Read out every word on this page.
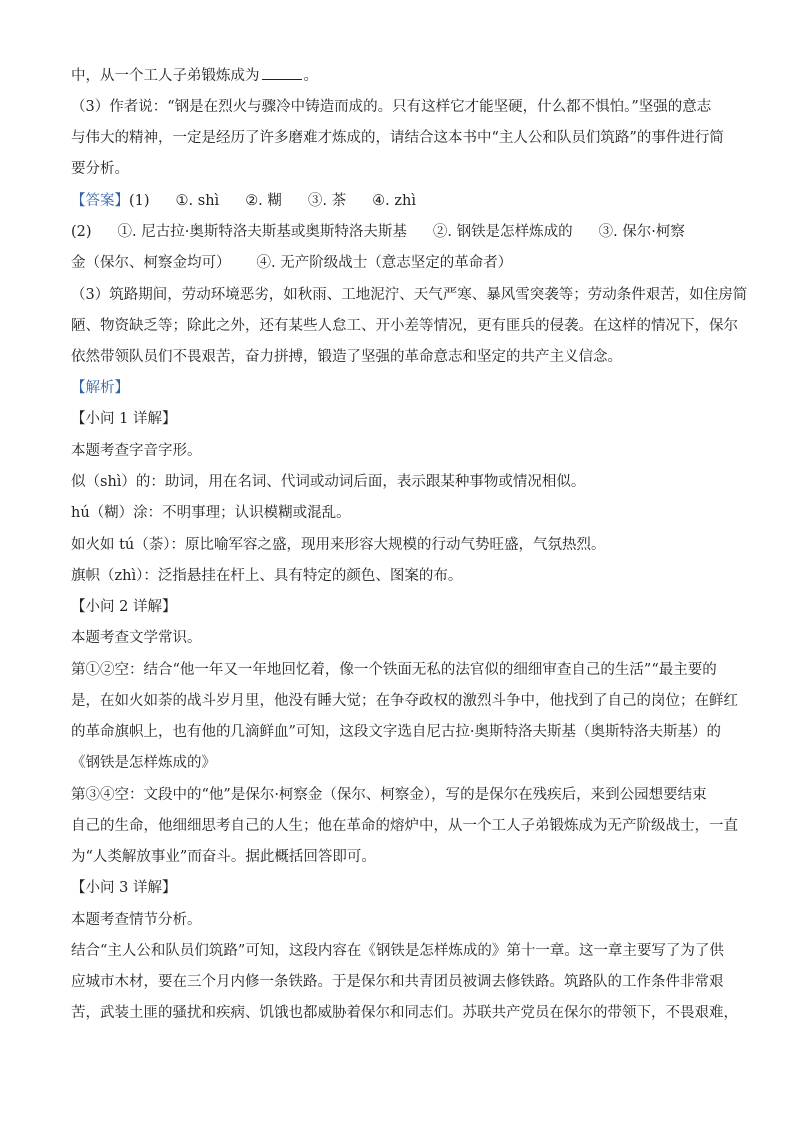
中，从一个工人子弟锻炼成为	。
（3）作者说：“钢是在烈火与骤冷中铸造而成的。只有这样它才能坚硬，什么都不惧怕。”坚强的意志
与伟大的精神，一定是经历了许多磨难才炼成的，请结合这本书中“主人公和队员们筑路”的事件进行简
要分析。
【答案】(1) ①. shì ②. 糊 ③. 茶 ④. zhì
(2) ①. 尼古拉·奥斯特洛夫斯基或奥斯特洛夫斯基 ②. 钢铁是怎样炼成的 ③. 保尔·柯察
金（保尔、柯察金均可） ④. 无产阶级战士（意志坚定的革命者）
（3）筑路期间，劳动环境恶劣，如秋雨、工地泥泞、天气严寒、暴风雪突袭等；劳动条件艰苦，如住房简
陋、物资缺乏等；除此之外，还有某些人怠工、开小差等情况，更有匪兵的侵袭。在这样的情况下，保尔
依然带领队员们不畏艰苦，奋力拼搏，锻造了坚强的革命意志和坚定的共产主义信念。
【解析】
【小问 1 详解】
本题考查字音字形。
似（shì）的：助词，用在名词、代词或动词后面，表示跟某种事物或情况相似。
hú（糊）涂：不明事理；认识模糊或混乱。
如火如 tú（荼）：原比喻军容之盛，现用来形容大规模的行动气势旺盛，气氛热烈。
旗帜（zhì）：泛指悬挂在杆上、具有特定的颜色、图案的布。
【小问 2 详解】
本题考查文学常识。
第①②空：结合“他一年又一年地回忆着，像一个铁面无私的法官似的细细审查自己的生活”“最主要的
是，在如火如荼的战斗岁月里，他没有睡大觉；在争夺政权的激烈斗争中，他找到了自己的岗位；在鲜红
的革命旗帜上，也有他的几滴鲜血”可知，这段文字选自尼古拉·奥斯特洛夫斯基（奥斯特洛夫斯基）的
《钢铁是怎样炼成的》
第③④空：文段中的“他”是保尔·柯察金（保尔、柯察金），写的是保尔在残疾后，来到公园想要结束
自己的生命，他细细思考自己的人生；他在革命的熔炉中，从一个工人子弟锻炼成为无产阶级战士，一直
为“人类解放事业”而奋斗。据此概括回答即可。
【小问 3 详解】
本题考查情节分析。
结合“主人公和队员们筑路”可知，这段内容在《钢铁是怎样炼成的》第十一章。这一章主要写了为了供
应城市木材，要在三个月内修一条铁路。于是保尔和共青团员被调去修铁路。筑路队的工作条件非常艰
苦，武装土匪的骚扰和疾病、饥饿也都威胁着保尔和同志们。苏联共产党员在保尔的带领下，不畏艰难，
